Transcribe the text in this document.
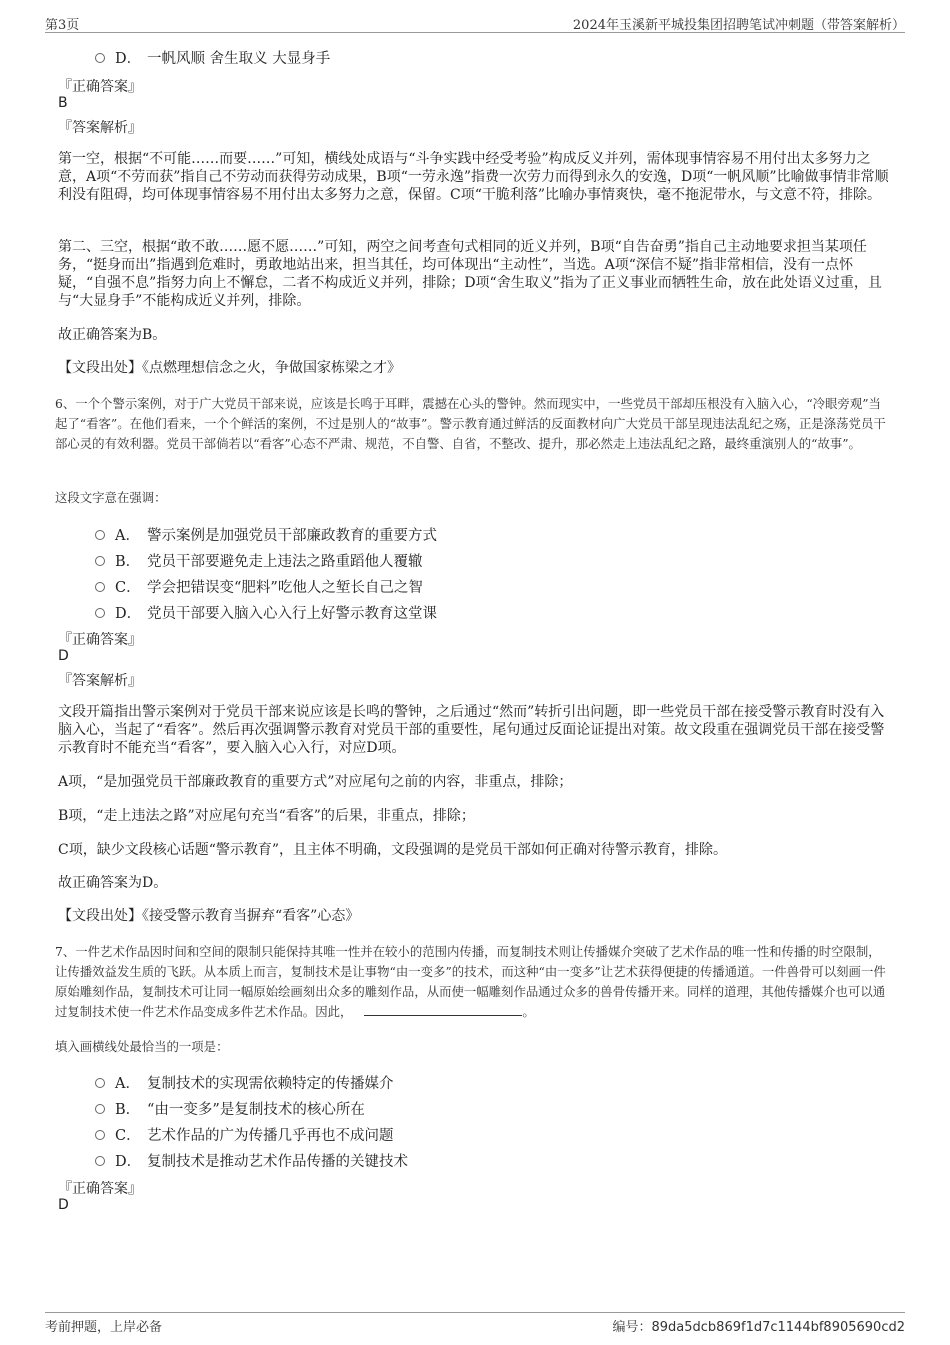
第3页	2024年玉溪新平城投集团招聘笔试冲刺题（带答案解析）
D． 一帆风顺 舍生取义 大显身手
『正确答案』
B
『答案解析』
第一空，根据“不可能……而要……”可知，横线处成语与“斗争实践中经受考验”构成反义并列，需体现事情容易不用付出太多努力之意，A项“不劳而获”指自己不劳动而获得劳动成果，B项“一劳永逸”指费一次劳力而得到永久的安逸，D项“一帆风顺”比喻做事情非常顺利没有阻碍，均可体现事情容易不用付出太多努力之意，保留。C项“干脆利落”比喻办事情爽快，毫不拖泥带水，与文意不符，排除。
第二、三空，根据“敢不敢……愿不愿……”可知，两空之间考查句式相同的近义并列，B项“自告奋勇”指自己主动地要求担当某项任务，“挺身而出”指遇到危难时，勇敢地站出来，担当其任，均可体现出“主动性”，当选。A项“深信不疑”指非常相信，没有一点怀疑，“自强不息”指努力向上不懈怠，二者不构成近义并列，排除；D项“舍生取义”指为了正义事业而牺牲生命，放在此处语义过重，且与“大显身手”不能构成近义并列，排除。
故正确答案为B。
【文段出处】《点燃理想信念之火，争做国家栋梁之才》
6、一个个警示案例，对于广大党员干部来说，应该是长鸣于耳畔，震撼在心头的警钟。然而现实中，一些党员干部却压根没有入脑入心，“冷眼旁观”当起了“看客”。在他们看来，一个个鲜活的案例，不过是别人的“故事”。警示教育通过鲜活的反面教材向广大党员干部呈现违法乱纪之殇，正是涤荡党员干部心灵的有效利器。党员干部倘若以“看客”心态不严肃、规范，不自警、自省，不整改、提升，那必然走上违法乱纪之路，最终重演别人的“故事”。
这段文字意在强调：
A． 警示案例是加强党员干部廉政教育的重要方式
B． 党员干部要避免走上违法之路重蹈他人覆辙
C． 学会把错误变“肥料”吃他人之堑长自己之智
D． 党员干部要入脑入心入行上好警示教育这堂课
『正确答案』
D
『答案解析』
文段开篇指出警示案例对于党员干部来说应该是长鸣的警钟，之后通过“然而”转折引出问题，即一些党员干部在接受警示教育时没有入脑入心，当起了“看客”。然后再次强调警示教育对党员干部的重要性，尾句通过反面论证提出对策。故文段重在强调党员干部在接受警示教育时不能充当“看客”，要入脑入心入行，对应D项。
A项，“是加强党员干部廉政教育的重要方式”对应尾句之前的内容，非重点，排除；
B项，“走上违法之路”对应尾句充当“看客”的后果，非重点，排除；
C项，缺少文段核心话题“警示教育”，且主体不明确，文段强调的是党员干部如何正确对待警示教育，排除。
故正确答案为D。
【文段出处】《接受警示教育当摒弃“看客”心态》
7、一件艺术作品因时间和空间的限制只能保持其唯一性并在较小的范围内传播，而复制技术则让传播媒介突破了艺术作品的唯一性和传播的时空限制，让传播效益发生质的飞跃。从本质上而言，复制技术是让事物“由一变多”的技术，而这种“由一变多”让艺术获得便捷的传播通道。一件兽骨可以刻画一件原始雕刻作品，复制技术可让同一幅原始绘画刻出众多的雕刻作品，从而使一幅雕刻作品通过众多的兽骨传播开来。同样的道理，其他传播媒介也可以通过复制技术使一件艺术作品变成多件艺术作品。因此，	。
填入画横线处最恰当的一项是：
A． 复制技术的实现需依赖特定的传播媒介
B． “由一变多”是复制技术的核心所在
C． 艺术作品的广为传播几乎再也不成问题
D． 复制技术是推动艺术作品传播的关键技术
『正确答案』
D
考前押题，上岸必备	编号：89da5dcb869f1d7c1144bf8905690cd2
